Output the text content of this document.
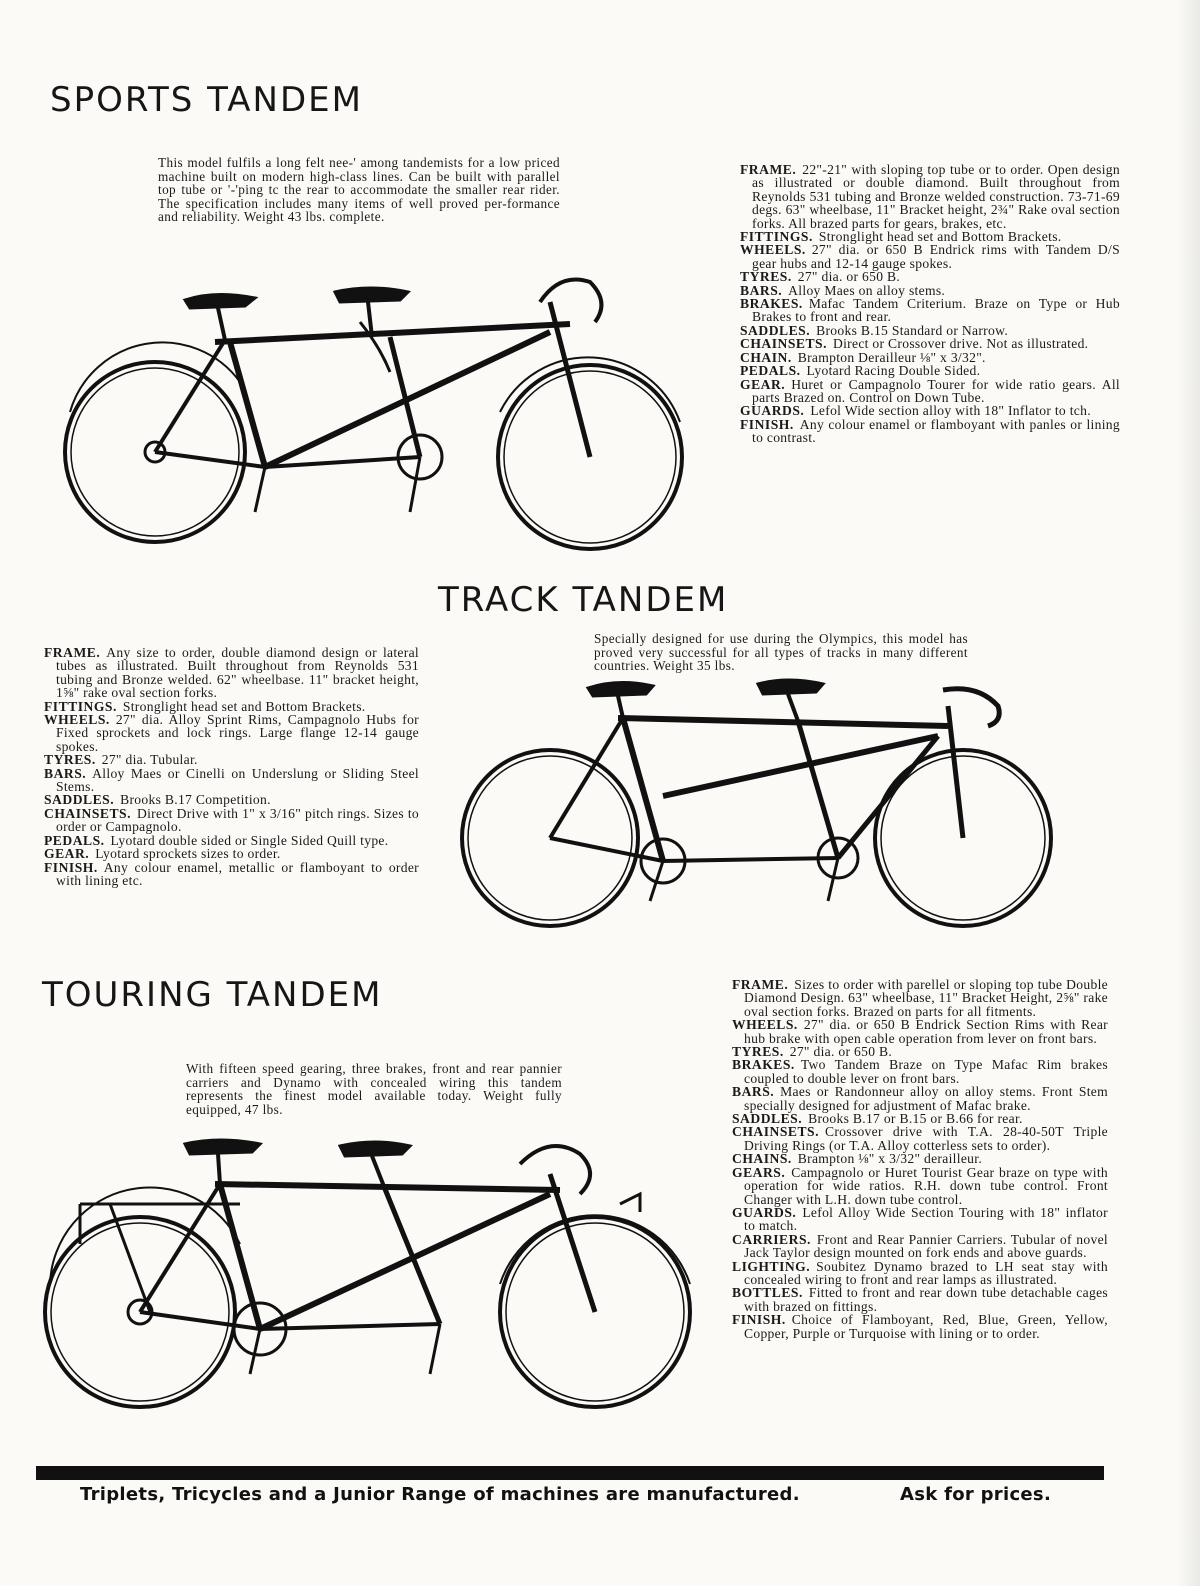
SPORTS TANDEM

This model fulfils a long felt nee-' among tandemists for a low priced machine built on modern high-class lines. Can be built with parallel top tube or '-'ping tc the rear to accommodate the smaller rear rider. The specification includes many items of well proved per-formance and reliability. Weight 43 lbs. complete.

FRAME. 22"-21" with sloping top tube or to order. Open design as illustrated or double diamond. Built throughout from Reynolds 531 tubing and Bronze welded construction. 73-71-69 degs. 63" wheelbase, 11" Bracket height, 2¾" Rake oval section forks. All brazed parts for gears, brakes, etc.
FITTINGS. Stronglight head set and Bottom Brackets.
WHEELS. 27" dia. or 650 B Endrick rims with Tandem D/S gear hubs and 12-14 gauge spokes.
TYRES. 27" dia. or 650 B.
BARS. Alloy Maes on alloy stems.
BRAKES. Mafac Tandem Criterium. Braze on Type or Hub Brakes to front and rear.
SADDLES. Brooks B.15 Standard or Narrow.
CHAINSETS. Direct or Crossover drive. Not as illustrated.
CHAIN. Brampton Derailleur ⅛" x 3/32".
PEDALS. Lyotard Racing Double Sided.
GEAR. Huret or Campagnolo Tourer for wide ratio gears. All parts Brazed on. Control on Down Tube.
GUARDS. Lefol Wide section alloy with 18" Inflator to tch.
FINISH. Any colour enamel or flamboyant with panles or lining to contrast.
TRACK TANDEM

Specially designed for use during the Olympics, this model has proved very successful for all types of tracks in many different countries. Weight 35 lbs.

FRAME. Any size to order, double diamond design or lateral tubes as illustrated. Built throughout from Reynolds 531 tubing and Bronze welded. 62" wheelbase. 11" bracket height, 1⅝" rake oval section forks.
FITTINGS. Stronglight head set and Bottom Brackets.
WHEELS. 27" dia. Alloy Sprint Rims, Campagnolo Hubs for Fixed sprockets and lock rings. Large flange 12-14 gauge spokes.
TYRES. 27" dia. Tubular.
BARS. Alloy Maes or Cinelli on Underslung or Sliding Steel Stems.
SADDLES. Brooks B.17 Competition.
CHAINSETS. Direct Drive with 1" x 3/16" pitch rings. Sizes to order or Campagnolo.
PEDALS. Lyotard double sided or Single Sided Quill type.
GEAR. Lyotard sprockets sizes to order.
FINISH. Any colour enamel, metallic or flamboyant to order with lining etc.
TOURING TANDEM

With fifteen speed gearing, three brakes, front and rear pannier carriers and Dynamo with concealed wiring this tandem represents the finest model available today. Weight fully equipped, 47 lbs.

FRAME. Sizes to order with parellel or sloping top tube Double Diamond Design. 63" wheelbase, 11" Bracket Height, 2⅝" rake oval section forks. Brazed on parts for all fitments.
WHEELS. 27" dia. or 650 B Endrick Section Rims with Rear hub brake with open cable operation from lever on front bars.
TYRES. 27" dia. or 650 B.
BRAKES. Two Tandem Braze on Type Mafac Rim brakes coupled to double lever on front bars.
BARS. Maes or Randonneur alloy on alloy stems. Front Stem specially designed for adjustment of Mafac brake.
SADDLES. Brooks B.17 or B.15 or B.66 for rear.
CHAINSETS. Crossover drive with T.A. 28-40-50T Triple Driving Rings (or T.A. Alloy cotterless sets to order).
CHAINS. Brampton ⅛" x 3/32" derailleur.
GEARS. Campagnolo or Huret Tourist Gear braze on type with operation for wide ratios. R.H. down tube control. Front Changer with L.H. down tube control.
GUARDS. Lefol Alloy Wide Section Touring with 18" inflator to match.
CARRIERS. Front and Rear Pannier Carriers. Tubular of novel Jack Taylor design mounted on fork ends and above guards.
LIGHTING. Soubitez Dynamo brazed to LH seat stay with concealed wiring to front and rear lamps as illustrated.
BOTTLES. Fitted to front and rear down tube detachable cages with brazed on fittings.
FINISH. Choice of Flamboyant, Red, Blue, Green, Yellow, Copper, Purple or Turquoise with lining or to order.
Triplets, Tricycles and a Junior Range of machines are manufactured.	Ask for prices.
